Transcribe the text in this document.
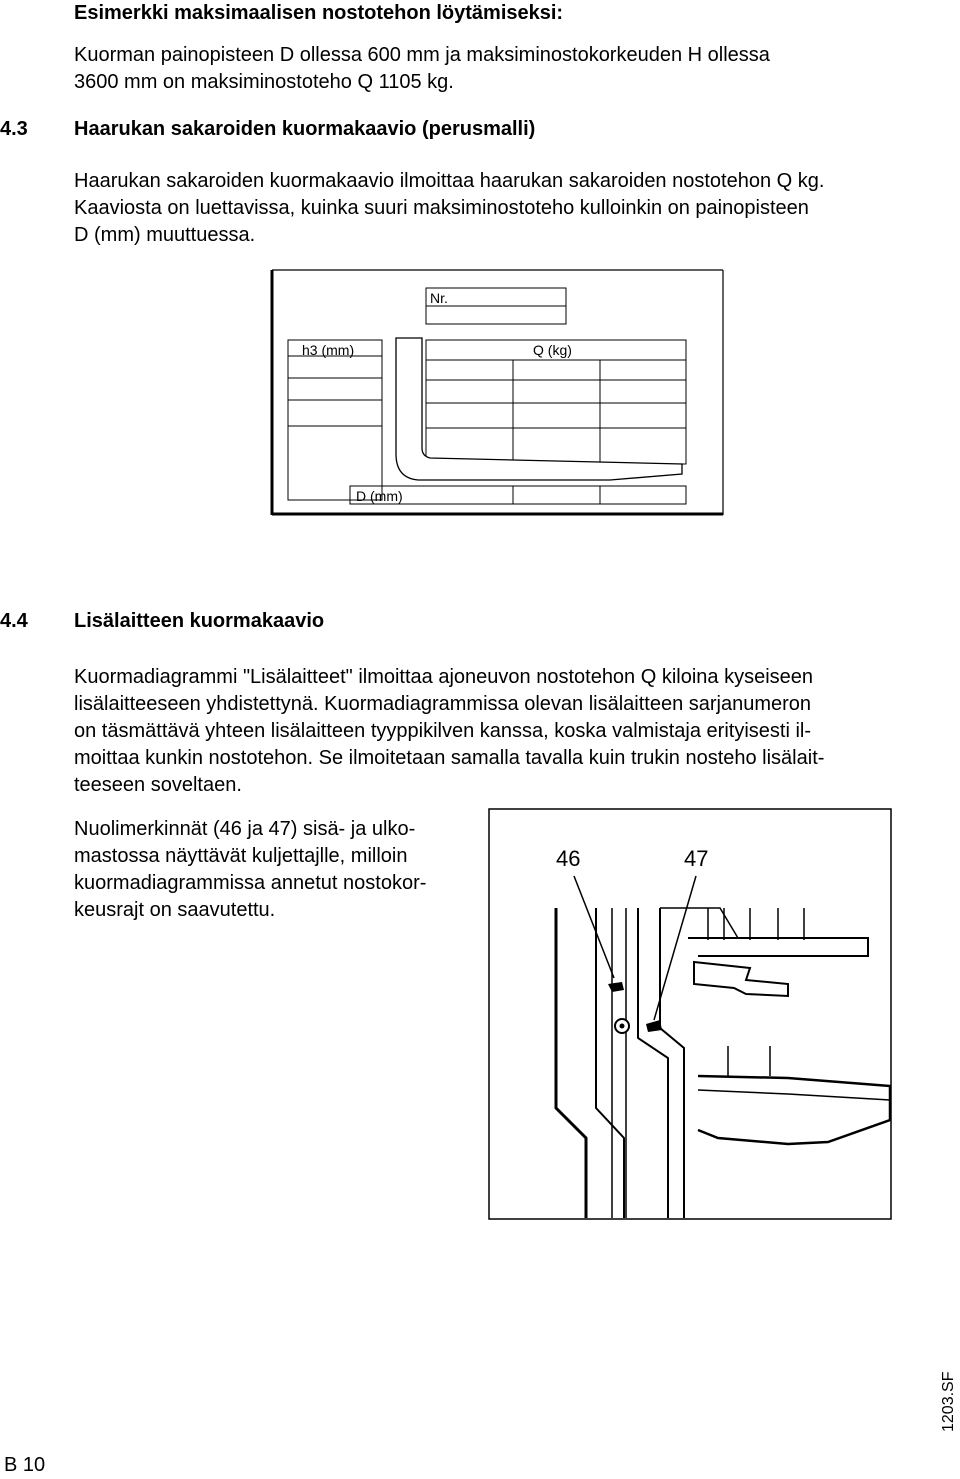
Esimerkki maksimaalisen nostotehon löytämiseksi:
Kuorman painopisteen D ollessa 600 mm ja maksiminostokorkeuden H ollessa
3600 mm on maksiminostoteho Q 1105 kg.
4.3 Haarukan sakaroiden kuormakaavio (perusmalli)
Haarukan sakaroiden kuormakaavio ilmoittaa haarukan sakaroiden nostotehon Q kg.
Kaaviosta on luettavissa, kuinka suuri maksiminostoteho kulloinkin on painopisteen
D (mm) muuttuessa.
Nr.
h3 (mm)	Q (kg)
D (mm)
4.4 Lisälaitteen kuormakaavio
Kuormadiagrammi "Lisälaitteet" ilmoittaa ajoneuvon nostotehon Q kiloina kyseiseen
lisälaitteeseen yhdistettynä. Kuormadiagrammissa olevan lisälaitteen sarjanumeron
on täsmättävä yhteen lisälaitteen tyyppikilven kanssa, koska valmistaja erityisesti il-
moittaa kunkin nostotehon. Se ilmoitetaan samalla tavalla kuin trukin nosteho lisälait-
teeseen soveltaen.
Nuolimerkinnät (46 ja 47) sisä- ja ulko-
mastossa näyttävät kuljettajlle, milloin
kuormadiagrammissa annetut nostokor-
keusrajt on saavutettu.
46	47
B 10
1203.SF
